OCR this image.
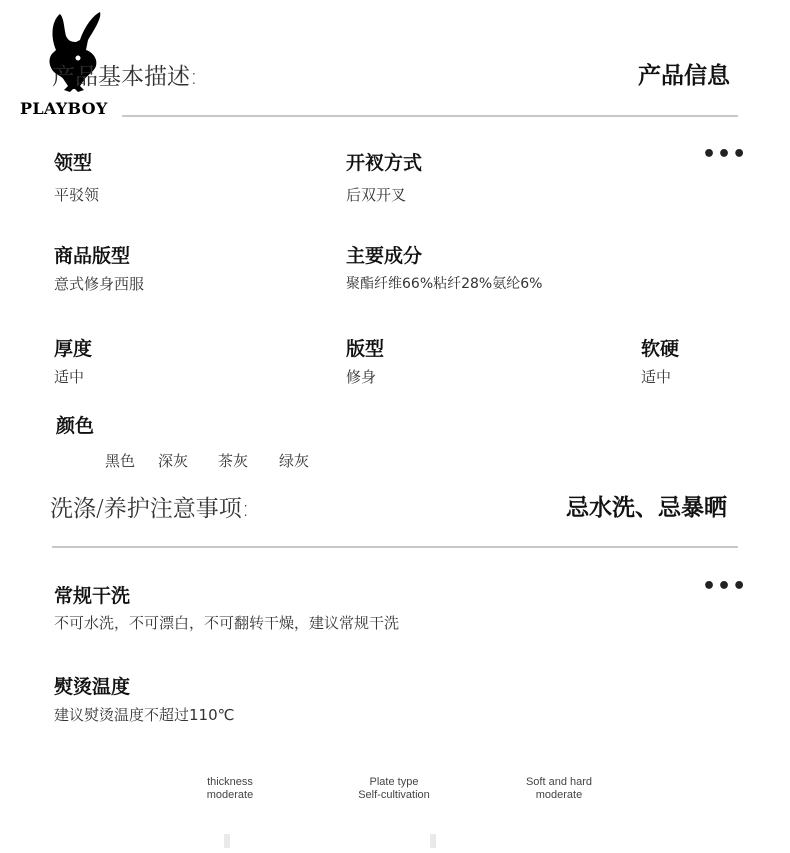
PLAYBOY
产品基本描述:	产品信息
•••
领型
平驳领
开衩方式
后双开叉
商品版型
意式修身西服
主要成分
聚酯纤维66%粘纤28%氨纶6%
厚度
适中
版型
修身
软硬
适中
颜色
黑色 深灰 茶灰 绿灰
洗涤/养护注意事项:	忌水洗、忌暴晒
•••
常规干洗
不可水洗，不可漂白，不可翻转干燥，建议常规干洗
熨烫温度
建议熨烫温度不超过110℃
thickness
moderate
Plate type
Self-cultivation
Soft and hard
moderate
